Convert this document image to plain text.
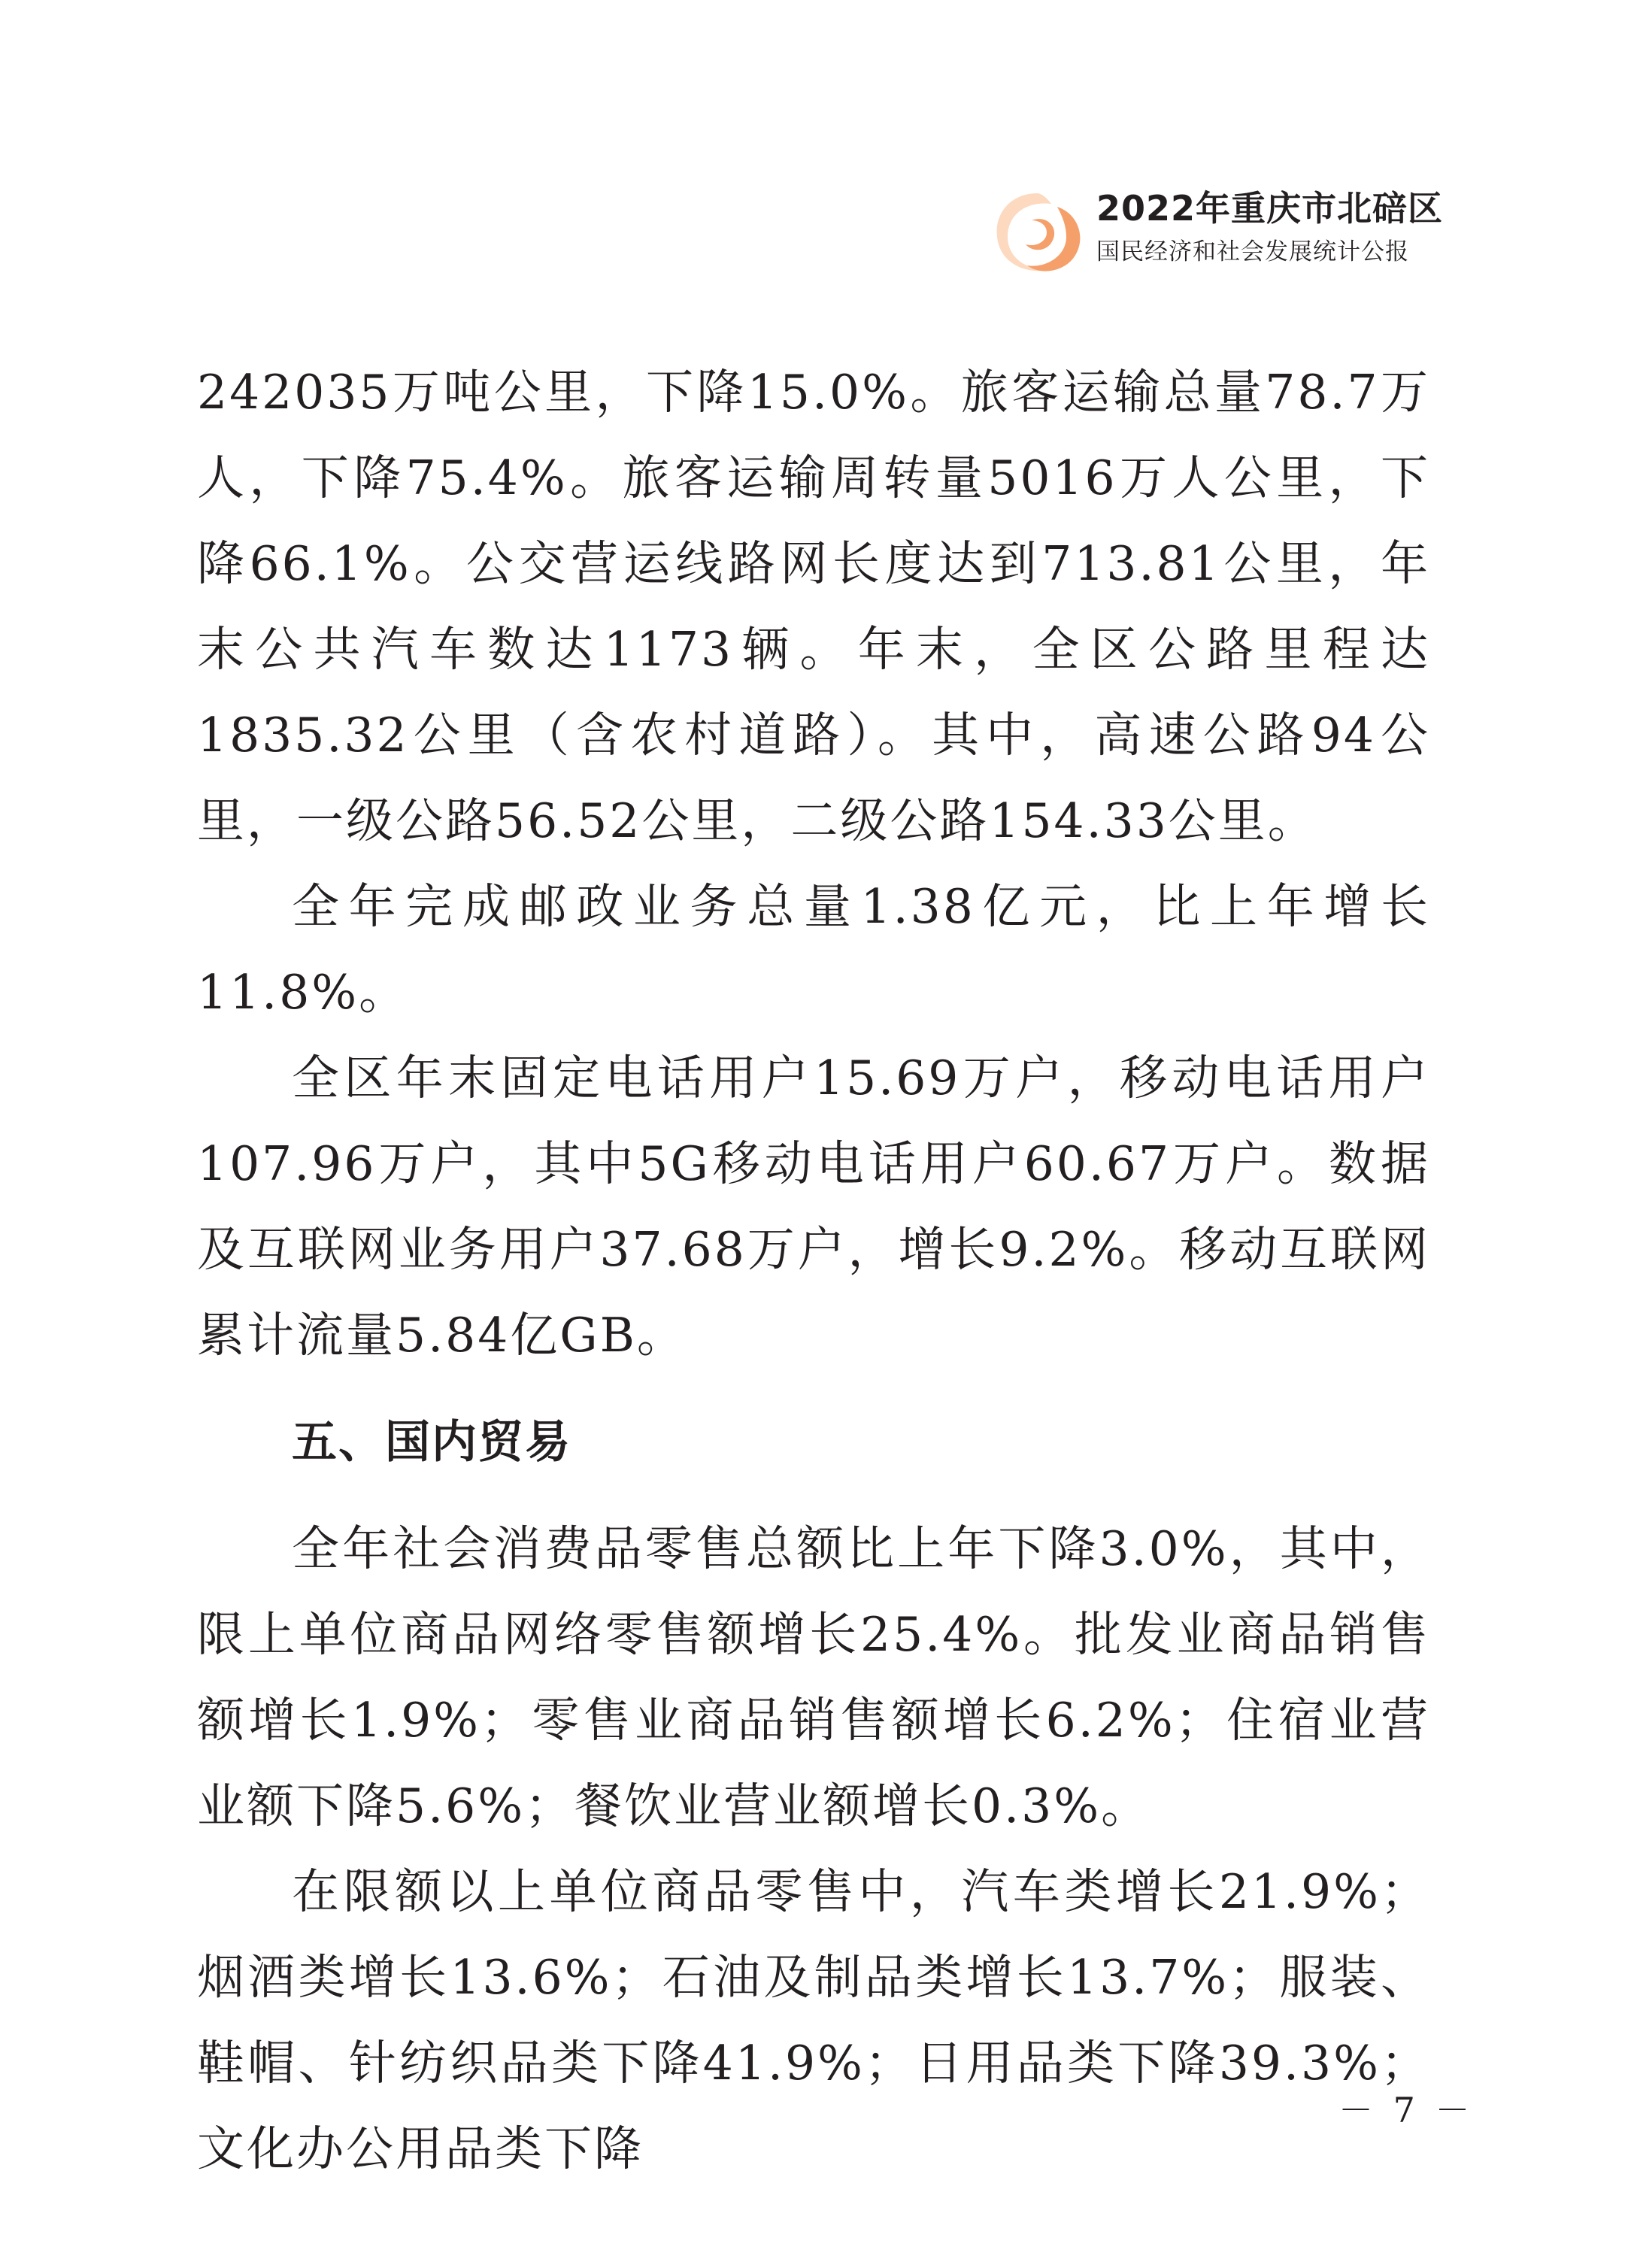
2022年重庆市北碚区
国民经济和社会发展统计公报

242035万吨公里，下降15.0%。旅客运输总量78.7万人，下降75.4%。旅客运输周转量5016万人公里，下降66.1%。公交营运线路网长度达到713.81公里，年末公共汽车数达1173辆。年末，全区公路里程达1835.32公里（含农村道路）。其中，高速公路94公里，一级公路56.52公里，二级公路154.33公里。

全年完成邮政业务总量1.38亿元，比上年增长11.8%。

全区年末固定电话用户15.69万户，移动电话用户107.96万户，其中5G移动电话用户60.67万户。数据及互联网业务用户37.68万户，增长9.2%。移动互联网累计流量5.84亿GB。

五、国内贸易

全年社会消费品零售总额比上年下降3.0%，其中，限上单位商品网络零售额增长25.4%。批发业商品销售额增长1.9%；零售业商品销售额增长6.2%；住宿业营业额下降5.6%；餐饮业营业额增长0.3%。

在限额以上单位商品零售中，汽车类增长21.9%；烟酒类增长13.6%；石油及制品类增长13.7%；服装、鞋帽、针纺织品类下降41.9%；日用品类下降39.3%；文化办公用品类下降

－ 7 －
